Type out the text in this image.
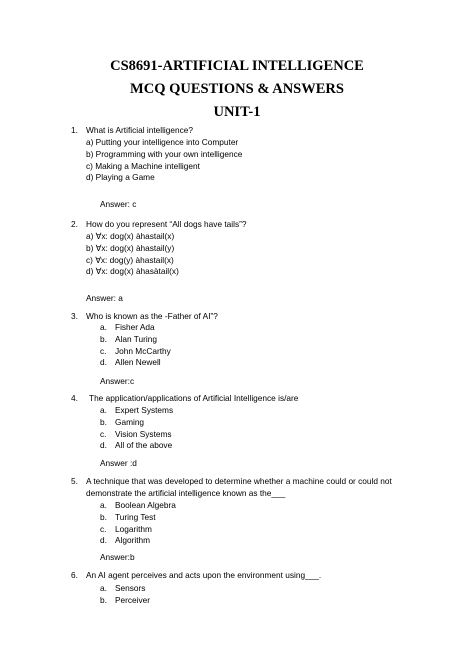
CS8691-ARTIFICIAL INTELLIGENCE
MCQ QUESTIONS & ANSWERS
UNIT-1
1. What is Artificial intelligence?
a) Putting your intelligence into Computer
b) Programming with your own intelligence
c) Making a Machine intelligent
d) Playing a Game
Answer: c
2. How do you represent “All dogs have tails”?
a) ∀x: dog(x) àhastail(x)
b) ∀x: dog(x) àhastail(y)
c) ∀x: dog(y) àhastail(x)
d) ∀x: dog(x) àhasàtail(x)
Answer: a
3. Who is known as the -Father of AI”?
a. Fisher Ada
b. Alan Turing
c. John McCarthy
d. Allen Newell
Answer:c
4. The application/applications of Artificial Intelligence is/are
a. Expert Systems
b. Gaming
c. Vision Systems
d. All of the above
Answer :d
5. A technique that was developed to determine whether a machine could or could not
demonstrate the artificial intelligence known as the___
a. Boolean Algebra
b. Turing Test
c. Logarithm
d. Algorithm
Answer:b
6. An AI agent perceives and acts upon the environment using___.
a. Sensors
b. Perceiver
